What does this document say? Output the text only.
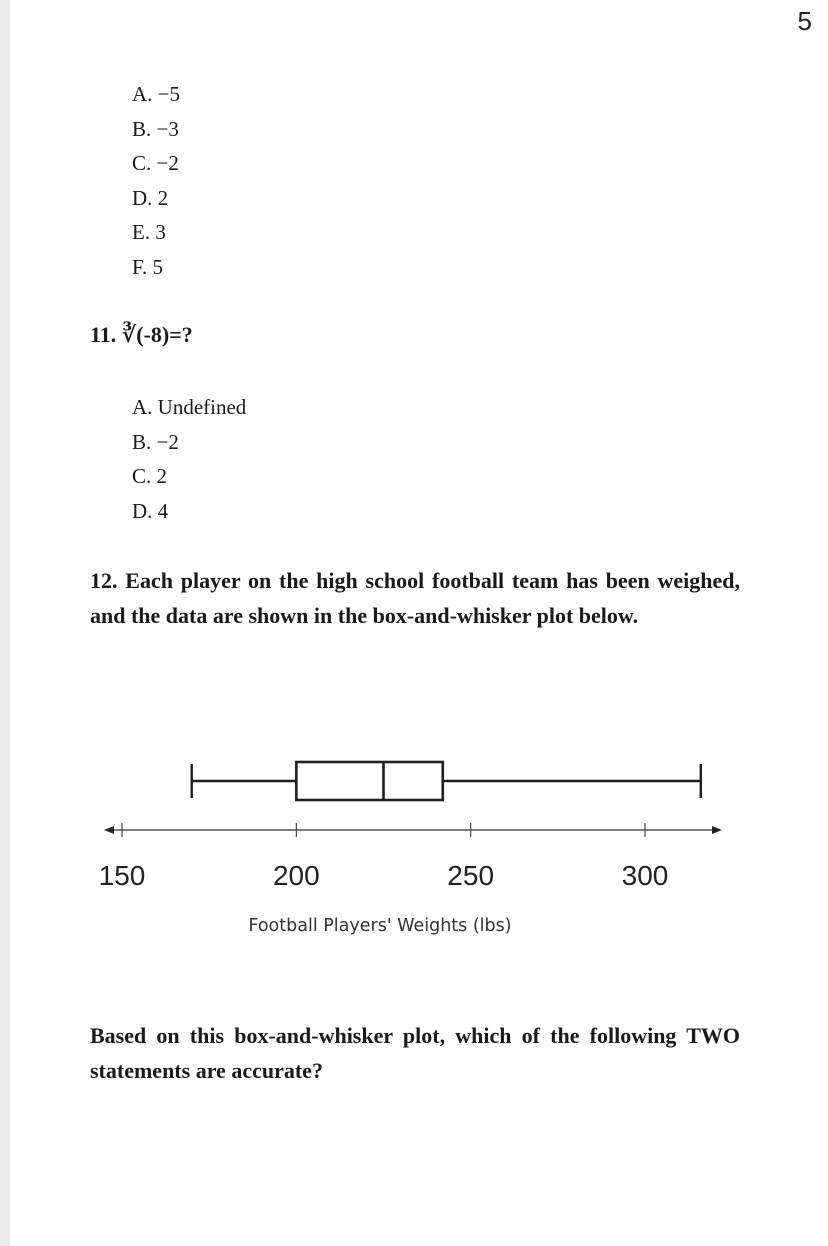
5
A. −5
B. −3
C. −2
D. 2
E. 3
F. 5
11. ∛(-8)=?
A. Undefined
B. −2
C. 2
D. 4
12. Each player on the high school football team has been weighed, and the data are shown in the box-and-whisker plot below.
Based on this box-and-whisker plot, which of the following TWO statements are accurate?
150	200	250	300
Football Players' Weights (lbs)
